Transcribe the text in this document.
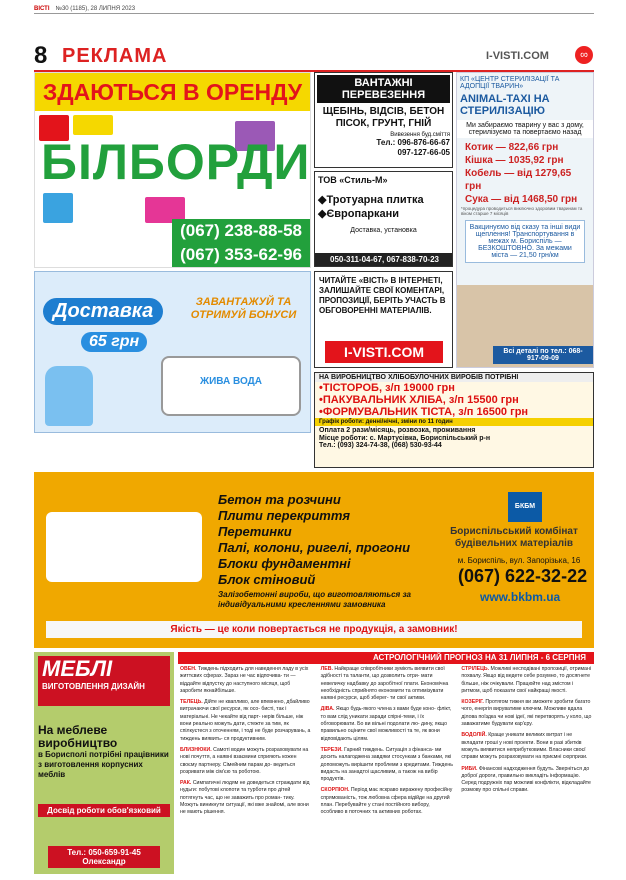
ВІСТІ №30 (1185), 28 ЛИПНЯ 2023
8 РЕКЛАМА	I-VISTI.COM	∞
ЗДАЮТЬСЯ В ОРЕНДУ
БІЛБОРДИ
(067) 238-88-58
(067) 353-62-96
ВАНТАЖНІ ПЕРЕВЕЗЕННЯ
ЩЕБІНЬ, ВІДСІВ, БЕТОН ПІСОК, ГРУНТ, ГНІЙ
Вивезення буд.сміття
Тел.: 096-876-66-67
097-127-66-05
ТОВ «Стиль-М»
◆Тротуарна плитка
◆Європаркани
Доставка, установка
050-311-04-67, 067-838-70-23
КП «ЦЕНТР СТЕРИЛІЗАЦІЇ ТА АДОПЦІЇ ТВАРИН»
ANIMAL-TAXI НА СТЕРИЛІЗАЦІЮ
Ми забираємо тварину у вас з дому, стерилізуємо та повертаємо назад
Котик — 822,66 грн
Кішка — 1035,92 грн
Кобель — від 1279,65 грн
Сука — від 1468,50 грн
*процедура проводиться виключно здоровим тваринам та віком старше 7 місяців
Вакцинуємо від сказу та інші види щеплення! Транспортування в межах м. Бориспіль — БЕЗКОШТОВНО. За межами міста — 21,50 грн/км
Всі деталі по тел.: 068-917-09-09
Доставка
65 грн
ЗАВАНТАЖУЙ ТА ОТРИМУЙ БОНУСИ
ЖИВА ВОДА
ЧИТАЙТЕ «ВІСТІ» В ІНТЕРНЕТІ, ЗАЛИШАЙТЕ СВОЇ КОМЕНТАРІ, ПРОПОЗИЦІЇ, БЕРІТЬ УЧАСТЬ В ОБГОВОРЕННІ МАТЕРІАЛІВ.
I-VISTI.COM
НА ВИРОБНИЦТВО ХЛІБОБУЛОЧНИХ ВИРОБІВ ПОТРІБНІ
•ТІСТОРОБ, з/п 19000 грн
•ПАКУВАЛЬНИК ХЛІБА, з/п 15500 грн
•ФОРМУВАЛЬНИК ТІСТА, з/п 16500 грн
Графік роботи: денні/нічні, зміни по 11 годин
Оплата 2 рази/місяць, розвозка, проживання
Місце роботи: с. Мартусівка, Бориспільський р-н
Тел.: (093) 324-74-38, (068) 530-93-44
Бетон та розчини
Плити перекриття
Перетинки
Палі, колони, ригелі, прогони
Блоки фундаментні
Блок стіновий
Залізобетонні вироби, що виготовляються за індивідуальними кресленнями замовника
БКБМ
Бориспільський комбінат будівельних матеріалів
м. Бориспіль, вул. Запорізька, 16
(067) 622-32-22
www.bkbm.ua
Якість — це коли повертається не продукція, а замовник!
МЕБЛІ
ВИГОТОВЛЕННЯ ДИЗАЙН
На меблеве виробництво
в Борисполі потрібні працівники з виготовлення корпусних меблів
Досвід роботи обов'язковий
Тел.: 050-659-91-45 Олександр
АСТРОЛОГІЧНИЙ ПРОГНОЗ НА 31 ЛИПНЯ - 6 СЕРПНЯ

ОВЕН. Тиждень підходить для наведення ладу в усіх життєвих сферах. Зараз не час відпочива- ти — віддайте відпустку до наступного місяця, щоб заробити якнайбільше.

ТЕЛЕЦЬ. Дійте не квапливо, але впевнено, дбайливо витрачаючи свої ресурси, як осо- бисті, так і матеріальні. Не чекайте від парт- нерів більше, ніж вони реально можуть дати, стежте за тим, як спілкуєтеся з оточенням, і тоді не буде розчарувань, а тиждень виявить- ся продуктивним.

БЛИЗНЮКИ. Самоті водин можуть розраховувати на нові почуття, а наявні взаємини сприяють кожен своєму партнеру. Сімейним парам до- ведеться розривати між сім'єю та роботою.

РАК. Симпатичні людям не доведеться страждати від нудьги: побутові клопоти та турботи про дітей потягнуть час, що не заважить про роман- тику. Можуть виникнути ситуації, які вже знайомі, але вони не мають рішення.

ЛЕВ. Найкраще співробітники зуміють виявити свої здібності та таланти, що дозволить отри- мати невеличку надбавку до заробітної плати. Економічна необхідність сприйнято економити та оптимізувати наявні ресурси, щоб зберег- ти свої активи.

ДІВА. Якщо будь-якого члена з вами буде коно- флікт, то вам слід уникати заради спірні-теми, і їх обговорювати. Бо ви вільні подолати лю- дину, якщо правильно оціните свої можливості та те, як вони відповідають цілям.

ТЕРЕЗИ. Гарний тиждень. Ситуація з фінанса- ми досить налагоджена завдяки стосункам з банками, які допоможуть вирішити проблеми з кредитами. Тиждень видасть на занадтоі щасливим, а також на вибір продуктів.

СКОРПІОН. Період має яскраво виражену професійну спрямованість, тож любовна сфера відійде на другий план. Перебувайте у стані постійного вибору, особливо в поточних та активних роботах.

СТРІЛЕЦЬ. Можливі несподівані пропозиції, отримані похвалу. Якщо від ведете себе розумно, то досягнете більше, ніж очікували. Працюйте над змістом і ритмом, щоб показати свої найкращі якості.

КОЗЕРІГ. Протягом тижня ви зможете зробити багато чого, енергія вируватиме ключем. Можливе вдала ділова поїздка чи нові ідеї, які перетворять у коло, що заважатиме будувати кар'єру.

ВОДОЛІЙ. Краще уникати великих витрат і не вкладати гроші у нові проекти. Вони в разі збитків можуть виявитися неприбутковими. Власники своєї справи можуть розраховувати на приємні сюрпризи.

РИБИ. Фінансові надходження будуть. Зверніться до доброї дороги, правильно викладіть інформацію. Серед подружніх пар можливі конфлікти, відкладайте розмову про спільні справи.
